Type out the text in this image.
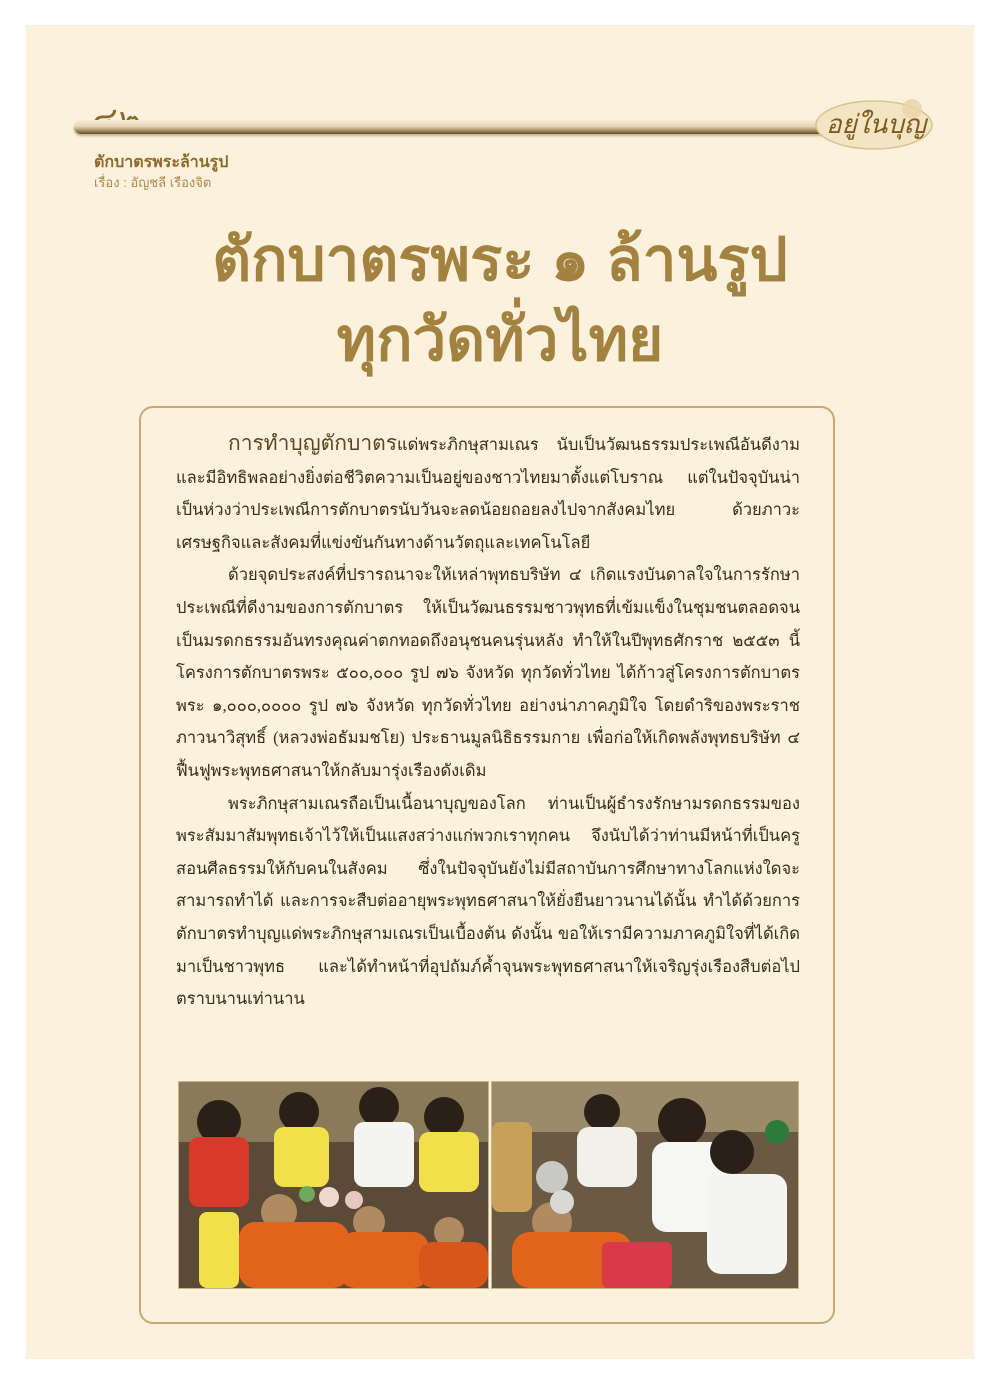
อยู่ในบุญ
ตักบาตรพระล้านรูป
เรื่อง : อัญชลี เรืองจิต
ตักบาตรพระ ๑ ล้านรูป
ทุกวัดทั่วไทย

การทำบุญตักบาตรแด่พระภิกษุสามเณร นับเป็นวัฒนธรรมประเพณีอันดีงามและมีอิทธิพลอย่างยิ่งต่อชีวิตความเป็นอยู่ของชาวไทยมาตั้งแต่โบราณ แต่ในปัจจุบันน่าเป็นห่วงว่าประเพณีการตักบาตรนับวันจะลดน้อยถอยลงไปจากสังคมไทย ด้วยภาวะเศรษฐกิจและสังคมที่แข่งขันกันทางด้านวัตถุและเทคโนโลยี

ด้วยจุดประสงค์ที่ปรารถนาจะให้เหล่าพุทธบริษัท ๔ เกิดแรงบันดาลใจในการรักษาประเพณีที่ดีงามของการตักบาตร ให้เป็นวัฒนธรรมชาวพุทธที่เข้มแข็งในชุมชนตลอดจนเป็นมรดกธรรมอันทรงคุณค่าตกทอดถึงอนุชนคนรุ่นหลัง ทำให้ในปีพุทธศักราช ๒๕๕๓ นี้ โครงการตักบาตรพระ ๕๐๐,๐๐๐ รูป ๗๖ จังหวัด ทุกวัดทั่วไทย ได้ก้าวสู่โครงการตักบาตรพระ ๑,๐๐๐,๐๐๐๐ รูป ๗๖ จังหวัด ทุกวัดทั่วไทย อย่างน่าภาคภูมิใจ โดยดำริของพระราชภาวนาวิสุทธิ์ (หลวงพ่อธัมมชโย) ประธานมูลนิธิธรรมกาย เพื่อก่อให้เกิดพลังพุทธบริษัท ๔ ฟื้นฟูพระพุทธศาสนาให้กลับมารุ่งเรืองดังเดิม

พระภิกษุสามเณรถือเป็นเนื้อนาบุญของโลก ท่านเป็นผู้ธำรงรักษามรดกธรรมของพระสัมมาสัมพุทธเจ้าไว้ให้เป็นแสงสว่างแก่พวกเราทุกคน จึงนับได้ว่าท่านมีหน้าที่เป็นครูสอนศีลธรรมให้กับคนในสังคม ซึ่งในปัจจุบันยังไม่มีสถาบันการศึกษาทางโลกแห่งใดจะสามารถทำได้ และการจะสืบต่ออายุพระพุทธศาสนาให้ยั่งยืนยาวนานได้นั้น ทำได้ด้วยการตักบาตรทำบุญแด่พระภิกษุสามเณรเป็นเบื้องต้น ดังนั้น ขอให้เรามีความภาคภูมิใจที่ได้เกิดมาเป็นชาวพุทธ และได้ทำหน้าที่อุปถัมภ์ค้ำจุนพระพุทธศาสนาให้เจริญรุ่งเรืองสืบต่อไปตราบนานเท่านาน
